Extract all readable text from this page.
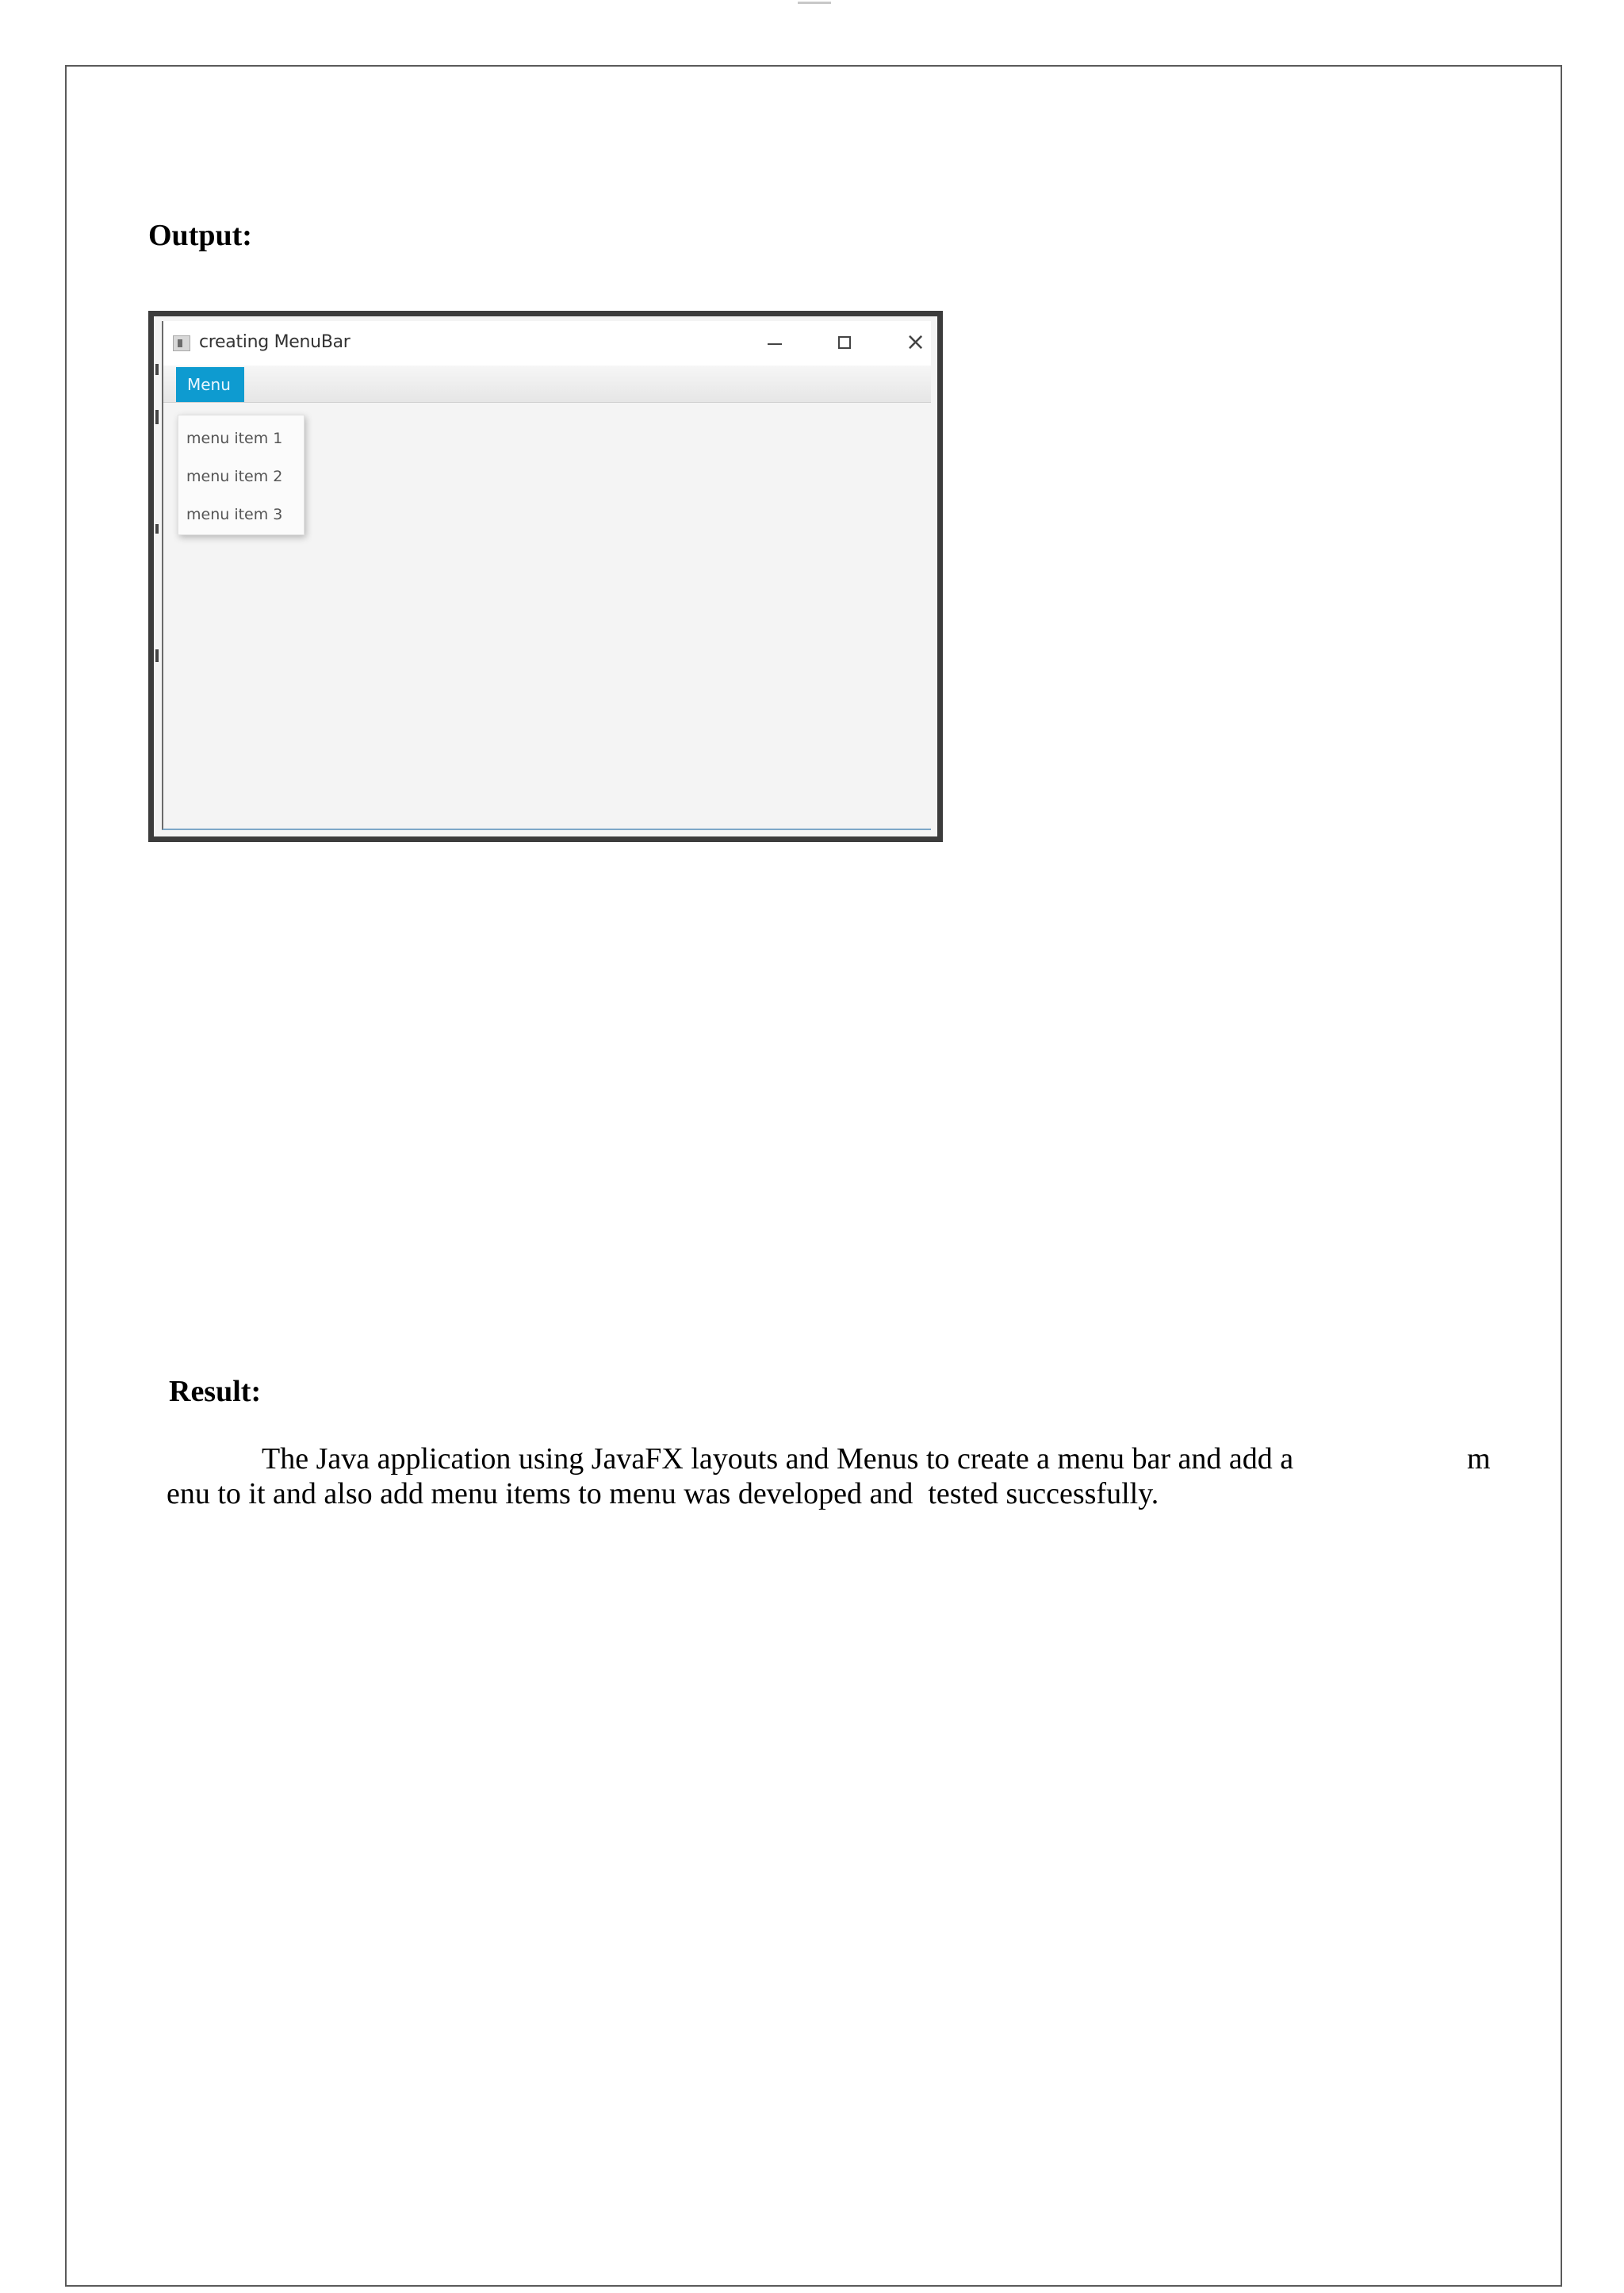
Output:
creating MenuBar	×
Menu
menu item 1
menu item 2
menu item 3
Result:
The Java application using JavaFX layouts and Menus to create a menu bar and add a	m
enu to it and also add menu items to menu was developed and  tested successfully.
